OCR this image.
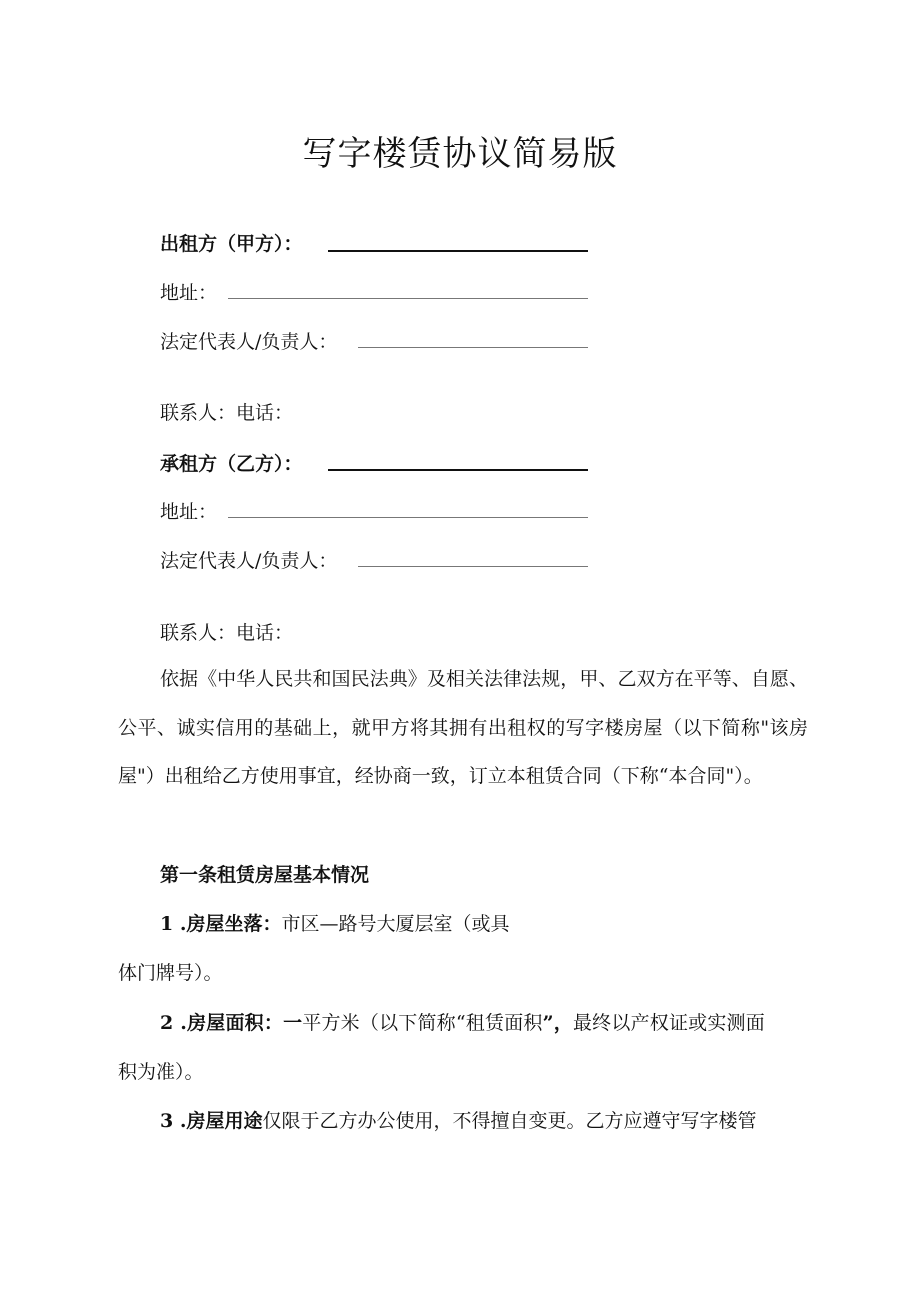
写字楼赁协议简易版
出租方（甲方）：
地址：
法定代表人/负责人：
联系人：电话：
承租方（乙方）：
地址：
法定代表人/负责人：
联系人：电话：
依据《中华人民共和国民法典》及相关法律法规，甲、乙双方在平等、自愿、公平、诚实信用的基础上，就甲方将其拥有出租权的写字楼房屋（以下简称"该房屋"）出租给乙方使用事宜，经协商一致，订立本租赁合同（下称“本合同"）。
第一条租赁房屋基本情况
1 .房屋坐落：市区—路号大厦层室（或具
体门牌号）。
2 .房屋面积：一平方米（以下简称“租赁面积”，最终以产权证或实测面
积为准）。
3 .房屋用途仅限于乙方办公使用，不得擅自变更。乙方应遵守写字楼管
